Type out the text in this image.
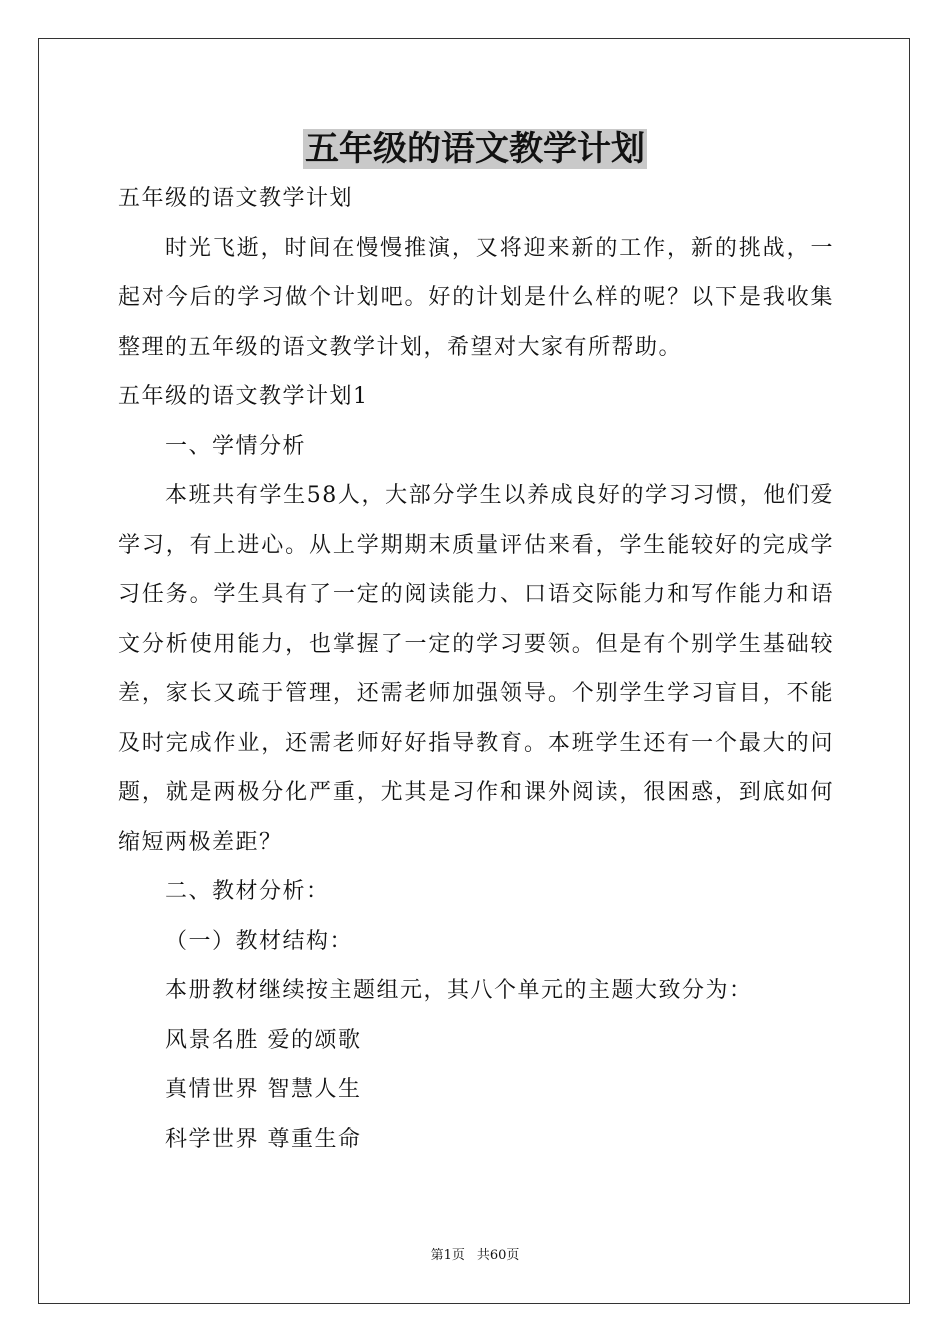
五年级的语文教学计划

五年级的语文教学计划

时光飞逝，时间在慢慢推演，又将迎来新的工作，新的挑战，一起对今后的学习做个计划吧。好的计划是什么样的呢？以下是我收集整理的五年级的语文教学计划，希望对大家有所帮助。

五年级的语文教学计划1

一、学情分析

本班共有学生58人，大部分学生以养成良好的学习习惯，他们爱学习，有上进心。从上学期期末质量评估来看，学生能较好的完成学习任务。学生具有了一定的阅读能力、口语交际能力和写作能力和语文分析使用能力，也掌握了一定的学习要领。但是有个别学生基础较差，家长又疏于管理，还需老师加强领导。个别学生学习盲目，不能及时完成作业，还需老师好好指导教育。本班学生还有一个最大的问题，就是两极分化严重，尤其是习作和课外阅读，很困惑，到底如何缩短两极差距？

二、教材分析：

（一）教材结构：

本册教材继续按主题组元，其八个单元的主题大致分为：

风景名胜 爱的颂歌

真情世界 智慧人生

科学世界 尊重生命

第1页 共60页
